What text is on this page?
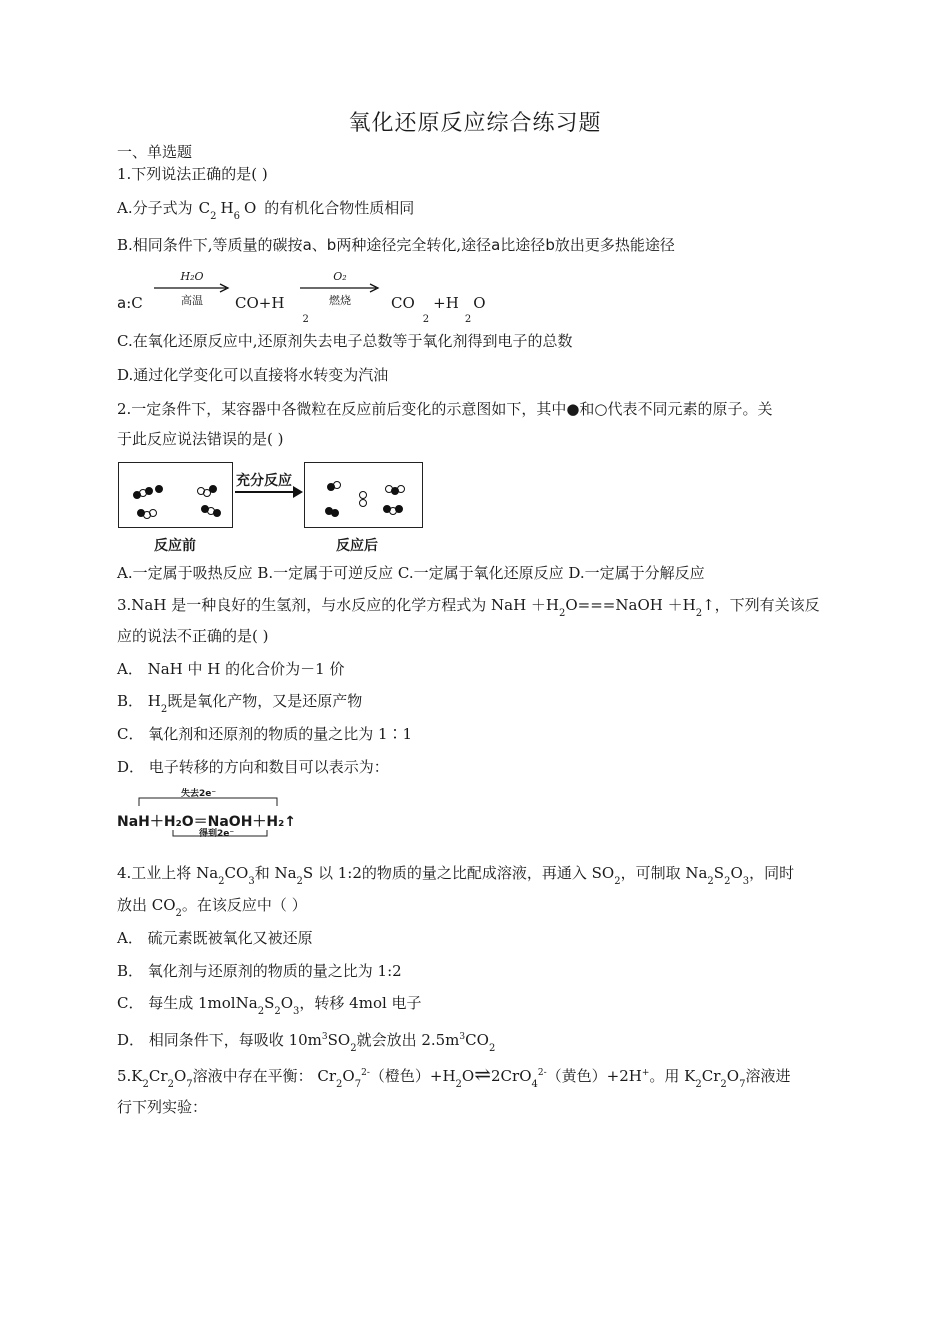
氧化还原反应综合练习题
一、单选题
1.下列说法正确的是( )
A.分子式为 $C_2$ $H_6$ O 的有机化合物性质相同
B.相同条件下,等质量的碳按a、b两种途径完全转化,途径a比途径b放出更多热能途径
a:C
H₂O
高温	$CO+H_2$
O₂
燃烧	$CO_2+H_2O$
C.在氧化还原反应中,还原剂失去电子总数等于氧化剂得到电子的总数
D.通过化学变化可以直接将水转变为汽油
2.一定条件下，某容器中各微粒在反应前后变化的示意图如下，其中●和○代表不同元素的原子。关
于此反应说法错误的是( )
充分反应
反应前	反应后
A.一定属于吸热反应 B.一定属于可逆反应 C.一定属于氧化还原反应 D.一定属于分解反应
3.NaH 是一种良好的生氢剂，与水反应的化学方程式为 NaH $+H_2O===NaOH$ $+H_2↑$，下列有关该反
应的说法不正确的是( )
A． NaH 中 H 的化合价为－1 价
B． $H_2$既是氧化产物，又是还原产物
C． 氧化剂和还原剂的物质的量之比为 1∶1
D． 电子转移的方向和数目可以表示为：
失去2e⁻
NaH＋H₂O＝NaOH＋H₂↑
得到2e⁻
4.工业上将 $Na_2CO_3$和 $Na_2S$ 以 1:2的物质的量之比配成溶液，再通入 $SO_2$，可制取 $Na_2S_2O_3$，同时
放出 $CO_2$。在该反应中（ ）
A． 硫元素既被氧化又被还原
B． 氧化剂与还原剂的物质的量之比为 1:2
C． 每生成 $1molNa_2S_2O_3$，转移 4mol 电子
D． 相同条件下，每吸收 $10m^3SO_2$就会放出 $2.5m^3CO_2$
$5.K_2Cr_2O_7$溶液中存在平衡： $Cr_2O_7^{2-}$（橙色）$+H_2O\rightleftharpoons 2CrO_4^{2-}$（黄色）+2H+。用 $K_2Cr_2O_7$溶液进
行下列实验：
